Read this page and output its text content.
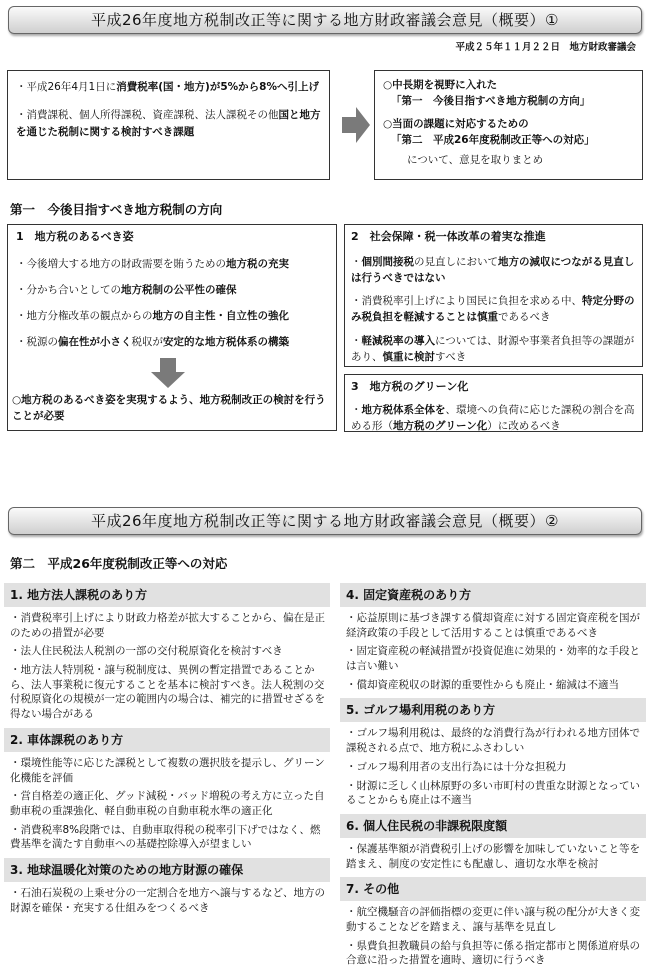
平成26年度地方税制改正等に関する地方財政審議会意見（概要）①
平成２５年１１月２２日　地方財政審議会
・平成26年4月1日に消費税率(国・地方)が5%から8%へ引上げ
・消費課税、個人所得課税、資産課税、法人課税その他国と地方を通じた税制に関する検討すべき課題
○中長期を視野に入れた
「第一　今後目指すべき地方税制の方向」
○当面の課題に対応するための
「第二　平成26年度税制改正等への対応」
について、意見を取りまとめ
第一　今後目指すべき地方税制の方向
1　地方税のあるべき姿
・今後増大する地方の財政需要を賄うための地方税の充実
・分かち合いとしての地方税制の公平性の確保
・地方分権改革の観点からの地方の自主性・自立性の強化
・税源の偏在性が小さく税収が安定的な地方税体系の構築
○地方税のあるべき姿を実現するよう、地方税制改正の検討を行うことが必要
2　社会保障・税一体改革の着実な推進
・個別間接税の見直しにおいて地方の減収につながる見直しは行うべきではない
・消費税率引上げにより国民に負担を求める中、特定分野のみ税負担を軽減することは慎重であるべき
・軽減税率の導入については、財源や事業者負担等の課題があり、慎重に検討すべき
3　地方税のグリーン化
・地方税体系全体を、環境への負荷に応じた課税の割合を高める形（地方税のグリーン化）に改めるべき
平成26年度地方税制改正等に関する地方財政審議会意見（概要）②
第二　平成26年度税制改正等への対応
1. 地方法人課税のあり方
・消費税率引上げにより財政力格差が拡大することから、偏在是正のための措置が必要
・法人住民税法人税割の一部の交付税原資化を検討すべき
・地方法人特別税・譲与税制度は、異例の暫定措置であることから、法人事業税に復元することを基本に検討すべき。法人税割の交付税原資化の規模が一定の範囲内の場合は、補完的に措置せざるを得ない場合がある
2. 車体課税のあり方
・環境性能等に応じた課税として複数の選択肢を提示し、グリーン化機能を評価
・営自格差の適正化、グッド減税・バッド増税の考え方に立った自動車税の重課強化、軽自動車税の自動車税水準の適正化
・消費税率8%段階では、自動車取得税の税率引下げではなく、燃費基準を満たす自動車への基礎控除導入が望ましい
3. 地球温暖化対策のための地方財源の確保
・石油石炭税の上乗せ分の一定割合を地方へ譲与するなど、地方の財源を確保・充実する仕組みをつくるべき
4. 固定資産税のあり方
・応益原則に基づき課する償却資産に対する固定資産税を国が経済政策の手段として活用することは慎重であるべき
・固定資産税の軽減措置が投資促進に効果的・効率的な手段とは言い難い
・償却資産税収の財源的重要性からも廃止・縮減は不適当
5. ゴルフ場利用税のあり方
・ゴルフ場利用税は、最終的な消費行為が行われる地方団体で課税される点で、地方税にふさわしい
・ゴルフ場利用者の支出行為には十分な担税力
・財源に乏しく山林原野の多い市町村の貴重な財源となっていることからも廃止は不適当
6. 個人住民税の非課税限度額
・保護基準額が消費税引上げの影響を加味していないこと等を踏まえ、制度の安定性にも配慮し、適切な水準を検討
7. その他
・航空機騒音の評価指標の変更に伴い譲与税の配分が大きく変動することなどを踏まえ、譲与基準を見直し
・県費負担教職員の給与負担等に係る指定都市と関係道府県の合意に沿った措置を適時、適切に行うべき
